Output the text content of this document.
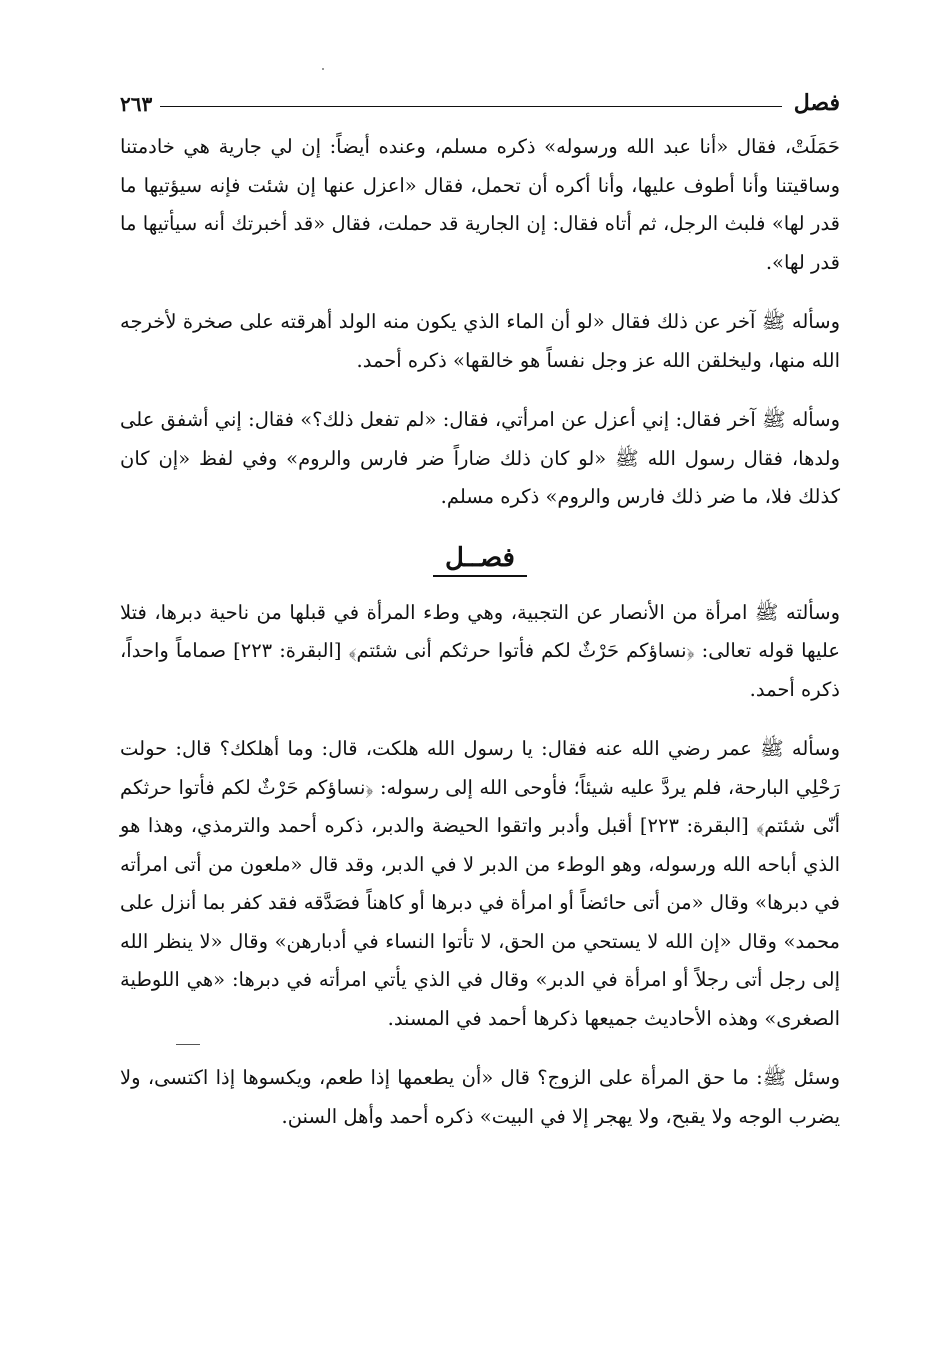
فصل
٢٦٣

حَمَلَتْ، فقال «أنا عبد الله ورسوله» ذكره مسلم، وعنده أيضاً: إن لي جارية هي خادمتنا وساقيتنا وأنا أطوف عليها، وأنا أكره أن تحمل، فقال «اعزل عنها إن شئت فإنه سيؤتيها ما قدر لها» فلبث الرجل، ثم أتاه فقال: إن الجارية قد حملت، فقال «قد أخبرتك أنه سيأتيها ما قدر لها».

وسأله ﷺ آخر عن ذلك فقال «لو أن الماء الذي يكون منه الولد أهرقته على صخرة لأخرجه الله منها، وليخلقن الله عز وجل نفساً هو خالقها» ذكره أحمد.

وسأله ﷺ آخر فقال: إني أعزل عن امرأتي، فقال: «لم تفعل ذلك؟» فقال: إني أشفق على ولدها، فقال رسول الله ﷺ «لو كان ذلك ضاراً ضر فارس والروم» وفي لفظ «إن كان كذلك فلا، ما ضر ذلك فارس والروم» ذكره مسلم.

فصــل

وسألته ﷺ امرأة من الأنصار عن التجبية، وهي وطء المرأة في قبلها من ناحية دبرها، فتلا عليها قوله تعالى: ﴿نساؤكم حَرْثٌ لكم فأتوا حرثكم أنى شئتم﴾ [البقرة: ٢٢٣] صماماً واحداً، ذكره أحمد.

وسأله ﷺ عمر رضي الله عنه فقال: يا رسول الله هلكت، قال: وما أهلكك؟ قال: حولت رَحْلِي البارحة، فلم يردَّ عليه شيئاً؛ فأوحى الله إلى رسوله: ﴿نساؤكم حَرْثٌ لكم فأتوا حرثكم أنّى شئتم﴾ [البقرة: ٢٢٣] أقبل وأدبر واتقوا الحيضة والدبر، ذكره أحمد والترمذي، وهذا هو الذي أباحه الله ورسوله، وهو الوطء من الدبر لا في الدبر، وقد قال «ملعون من أتى امرأته في دبرها» وقال «من أتى حائضاً أو امرأة في دبرها أو كاهناً فصَدَّقه فقد كفر بما أنزل على محمد» وقال «إن الله لا يستحي من الحق، لا تأتوا النساء في أدبارهن» وقال «لا ينظر الله إلى رجل أتى رجلاً أو امرأة في الدبر» وقال في الذي يأتي امرأته في دبرها: «هي اللوطية الصغرى» وهذه الأحاديث جميعها ذكرها أحمد في المسند.

وسئل ﷺ: ما حق المرأة على الزوج؟ قال «أن يطعمها إذا طعم، ويكسوها إذا اكتسى، ولا يضرب الوجه ولا يقبح، ولا يهجر إلا في البيت» ذكره أحمد وأهل السنن.
